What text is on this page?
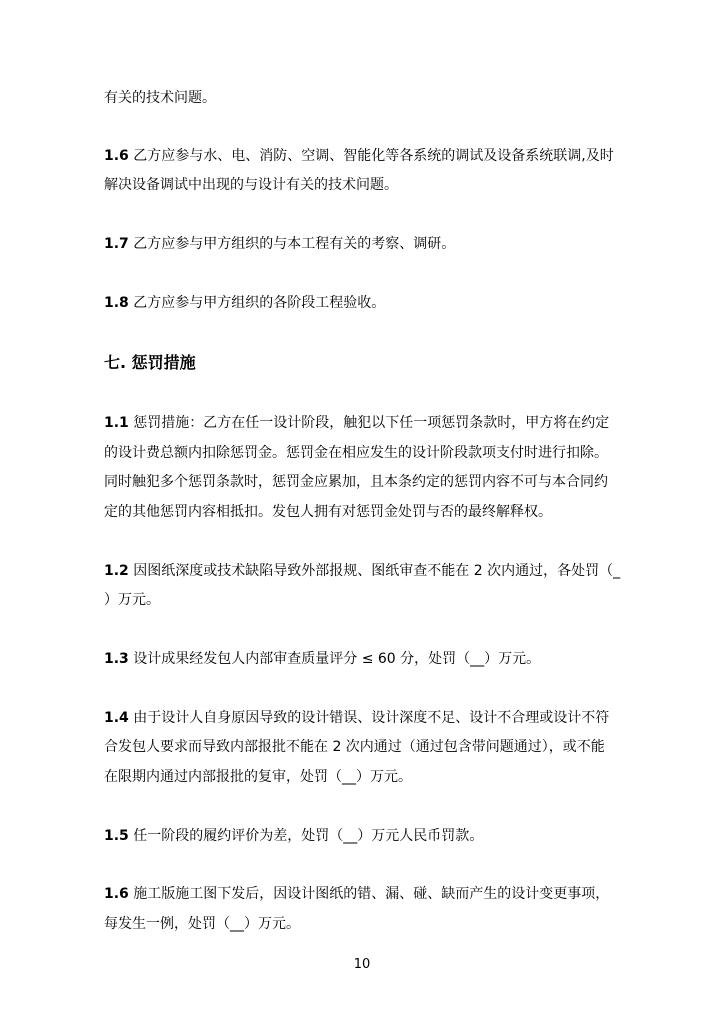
有关的技术问题。
1.6 乙方应参与水、电、消防、空调、智能化等各系统的调试及设备系统联调,及时
解决设备调试中出现的与设计有关的技术问题。
1.7 乙方应参与甲方组织的与本工程有关的考察、调研。
1.8 乙方应参与甲方组织的各阶段工程验收。
七. 惩罚措施
1.1 惩罚措施：乙方在任一设计阶段，触犯以下任一项惩罚条款时，甲方将在约定
的设计费总额内扣除惩罚金。惩罚金在相应发生的设计阶段款项支付时进行扣除。
同时触犯多个惩罚条款时，惩罚金应累加，且本条约定的惩罚内容不可与本合同约
定的其他惩罚内容相抵扣。发包人拥有对惩罚金处罚与否的最终解释权。
1.2 因图纸深度或技术缺陷导致外部报规、图纸审查不能在 2 次内通过，各处罚（_
）万元。
1.3 设计成果经发包人内部审查质量评分 ≤ 60 分，处罚（__）万元。
1.4 由于设计人自身原因导致的设计错误、设计深度不足、设计不合理或设计不符
合发包人要求而导致内部报批不能在 2 次内通过（通过包含带问题通过），或不能
在限期内通过内部报批的复审，处罚（__）万元。
1.5 任一阶段的履约评价为差，处罚（__）万元人民币罚款。
1.6 施工版施工图下发后，因设计图纸的错、漏、碰、缺而产生的设计变更事项，
每发生一例，处罚（__）万元。
10
